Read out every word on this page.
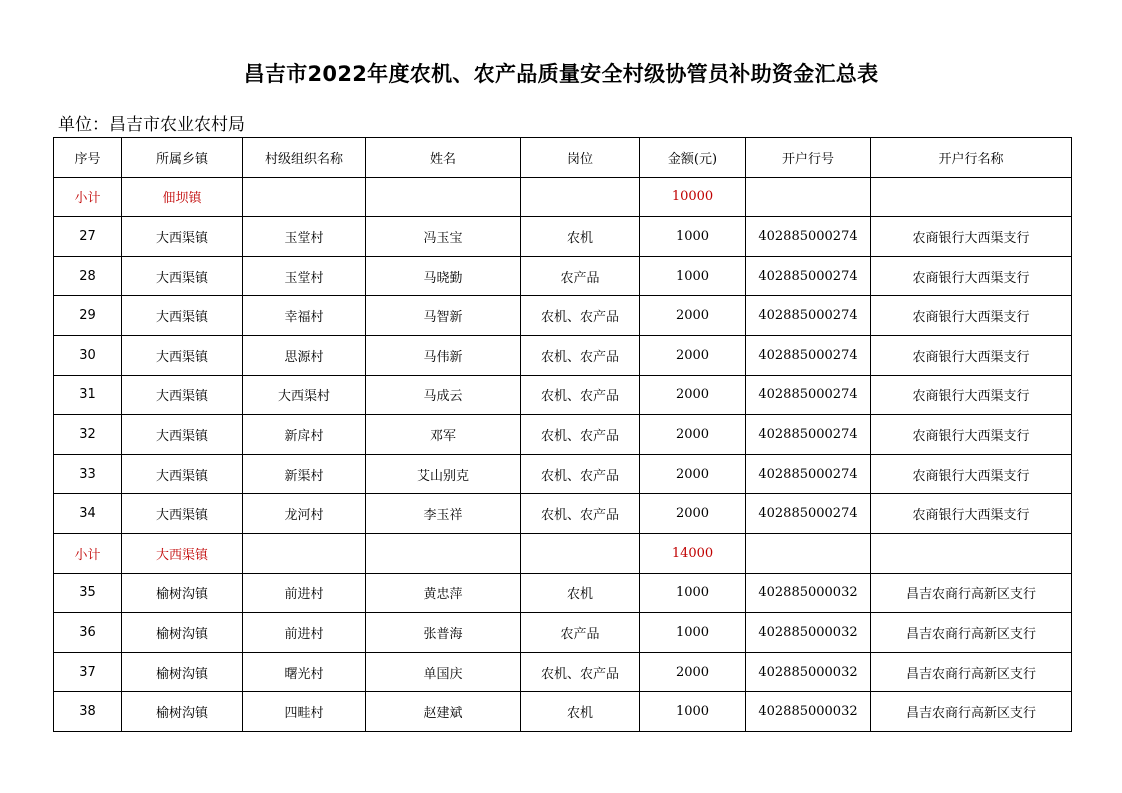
昌吉市2022年度农机、农产品质量安全村级协管员补助资金汇总表
单位：昌吉市农业农村局
序号	所属乡镇	村级组织名称	姓名	岗位	金额(元)	开户行号	开户行名称
小计	佃坝镇				10000		
27	大西渠镇	玉堂村	冯玉宝	农机	1000	402885000274	农商银行大西渠支行
28	大西渠镇	玉堂村	马晓勤	农产品	1000	402885000274	农商银行大西渠支行
29	大西渠镇	幸福村	马智新	农机、农产品	2000	402885000274	农商银行大西渠支行
30	大西渠镇	思源村	马伟新	农机、农产品	2000	402885000274	农商银行大西渠支行
31	大西渠镇	大西渠村	马成云	农机、农产品	2000	402885000274	农商银行大西渠支行
32	大西渠镇	新戽村	邓军	农机、农产品	2000	402885000274	农商银行大西渠支行
33	大西渠镇	新渠村	艾山别克	农机、农产品	2000	402885000274	农商银行大西渠支行
34	大西渠镇	龙河村	李玉祥	农机、农产品	2000	402885000274	农商银行大西渠支行
小计	大西渠镇				14000		
35	榆树沟镇	前进村	黄忠萍	农机	1000	402885000032	昌吉农商行高新区支行
36	榆树沟镇	前进村	张普海	农产品	1000	402885000032	昌吉农商行高新区支行
37	榆树沟镇	曙光村	单国庆	农机、农产品	2000	402885000032	昌吉农商行高新区支行
38	榆树沟镇	四畦村	赵建斌	农机	1000	402885000032	昌吉农商行高新区支行
